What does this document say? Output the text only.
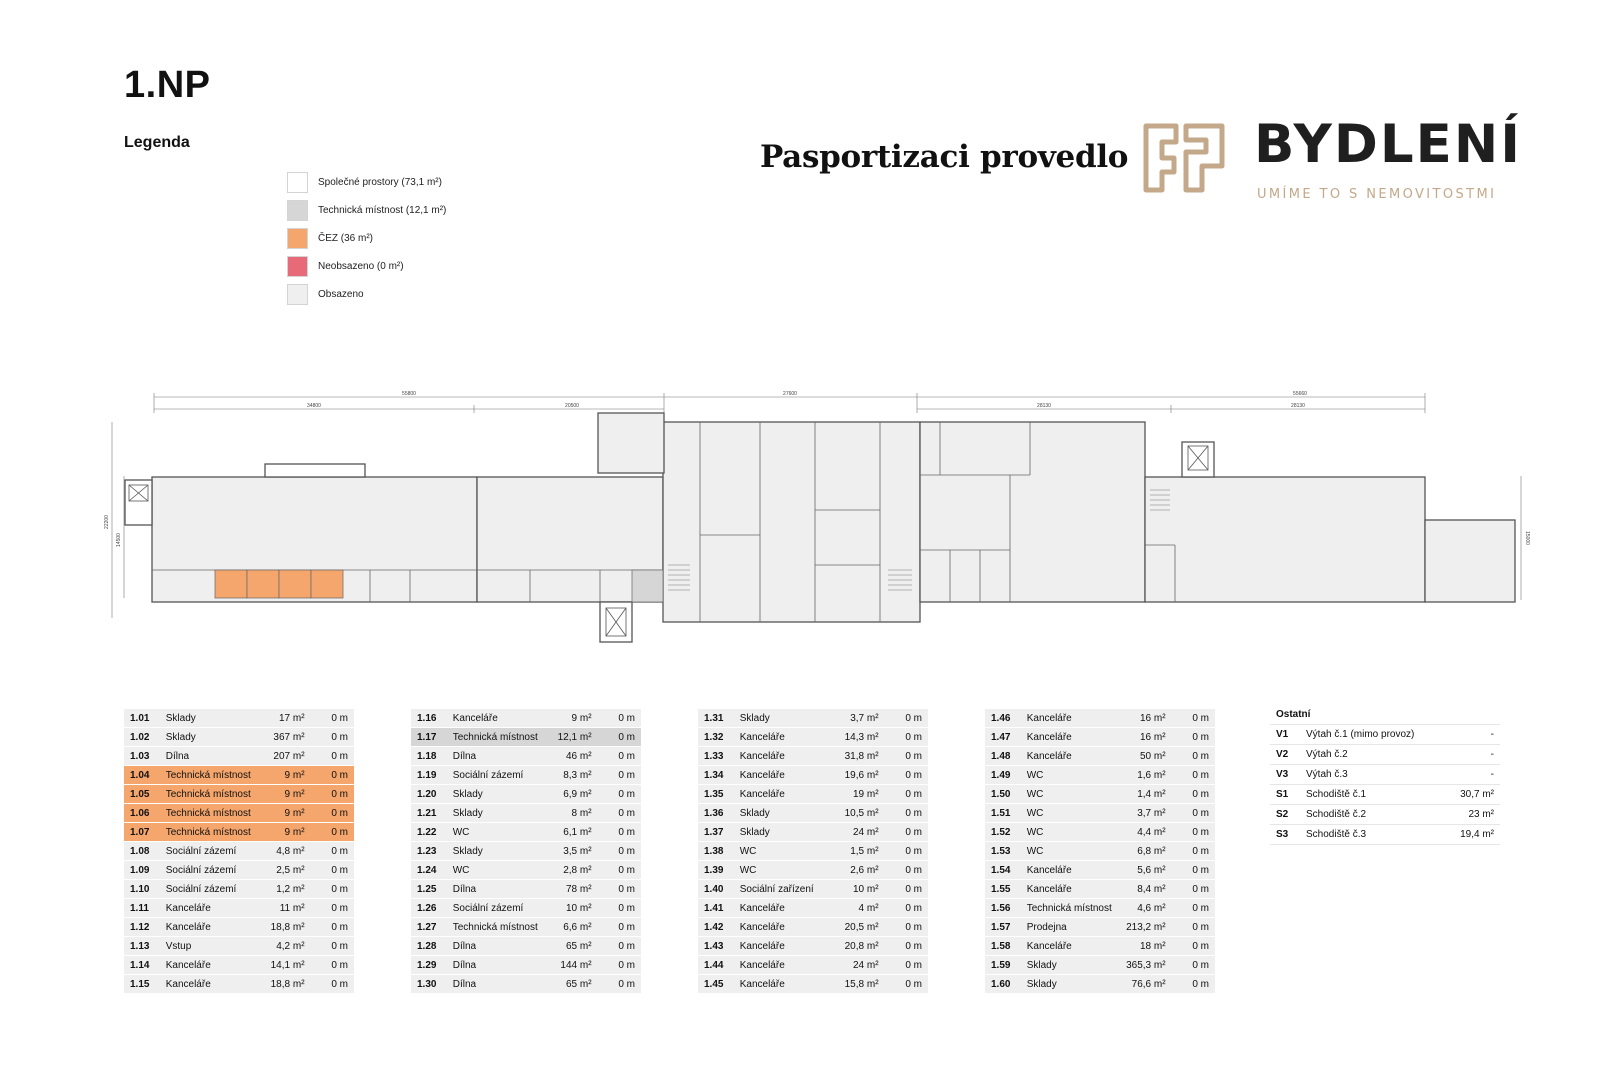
1.NP
Legenda
Společné prostory (73,1 m²)
Technická místnost (12,1 m²)
ČEZ (36 m²)
Neobsazeno (0 m²)
Obsazeno
Pasportizaci provedlo BYDLENÍ
UMÍME TO S NEMOVITOSTMI
55800	27600	55660
34800	20500	28130	28130
22200
14500	15000
1.01	Sklady	17 m²	0 m
1.02	Sklady	367 m²	0 m
1.03	Dílna	207 m²	0 m
1.04	Technická místnost	9 m²	0 m
1.05	Technická místnost	9 m²	0 m
1.06	Technická místnost	9 m²	0 m
1.07	Technická místnost	9 m²	0 m
1.08	Sociální zázemí	4,8 m²	0 m
1.09	Sociální zázemí	2,5 m²	0 m
1.10	Sociální zázemí	1,2 m²	0 m
1.11	Kanceláře	11 m²	0 m
1.12	Kanceláře	18,8 m²	0 m
1.13	Vstup	4,2 m²	0 m
1.14	Kanceláře	14,1 m²	0 m
1.15	Kanceláře	18,8 m²	0 m
1.16	Kanceláře	9 m²	0 m
1.17	Technická místnost	12,1 m²	0 m
1.18	Dílna	46 m²	0 m
1.19	Sociální zázemí	8,3 m²	0 m
1.20	Sklady	6,9 m²	0 m
1.21	Sklady	8 m²	0 m
1.22	WC	6,1 m²	0 m
1.23	Sklady	3,5 m²	0 m
1.24	WC	2,8 m²	0 m
1.25	Dílna	78 m²	0 m
1.26	Sociální zázemí	10 m²	0 m
1.27	Technická místnost	6,6 m²	0 m
1.28	Dílna	65 m²	0 m
1.29	Dílna	144 m²	0 m
1.30	Dílna	65 m²	0 m
1.31	Sklady	3,7 m²	0 m
1.32	Kanceláře	14,3 m²	0 m
1.33	Kanceláře	31,8 m²	0 m
1.34	Kanceláře	19,6 m²	0 m
1.35	Kanceláře	19 m²	0 m
1.36	Sklady	10,5 m²	0 m
1.37	Sklady	24 m²	0 m
1.38	WC	1,5 m²	0 m
1.39	WC	2,6 m²	0 m
1.40	Sociální zařízení	10 m²	0 m
1.41	Kanceláře	4 m²	0 m
1.42	Kanceláře	20,5 m²	0 m
1.43	Kanceláře	20,8 m²	0 m
1.44	Kanceláře	24 m²	0 m
1.45	Kanceláře	15,8 m²	0 m
1.46	Kanceláře	16 m²	0 m
1.47	Kanceláře	16 m²	0 m
1.48	Kanceláře	50 m²	0 m
1.49	WC	1,6 m²	0 m
1.50	WC	1,4 m²	0 m
1.51	WC	3,7 m²	0 m
1.52	WC	4,4 m²	0 m
1.53	WC	6,8 m²	0 m
1.54	Kanceláře	5,6 m²	0 m
1.55	Kanceláře	8,4 m²	0 m
1.56	Technická místnost	4,6 m²	0 m
1.57	Prodejna	213,2 m²	0 m
1.58	Kanceláře	18 m²	0 m
1.59	Sklady	365,3 m²	0 m
1.60	Sklady	76,6 m²	0 m
Ostatní		
V1	Výtah č.1 (mimo provoz)	-
V2	Výtah č.2	-
V3	Výtah č.3	-
S1	Schodiště č.1	30,7 m²
S2	Schodiště č.2	23 m²
S3	Schodiště č.3	19,4 m²
